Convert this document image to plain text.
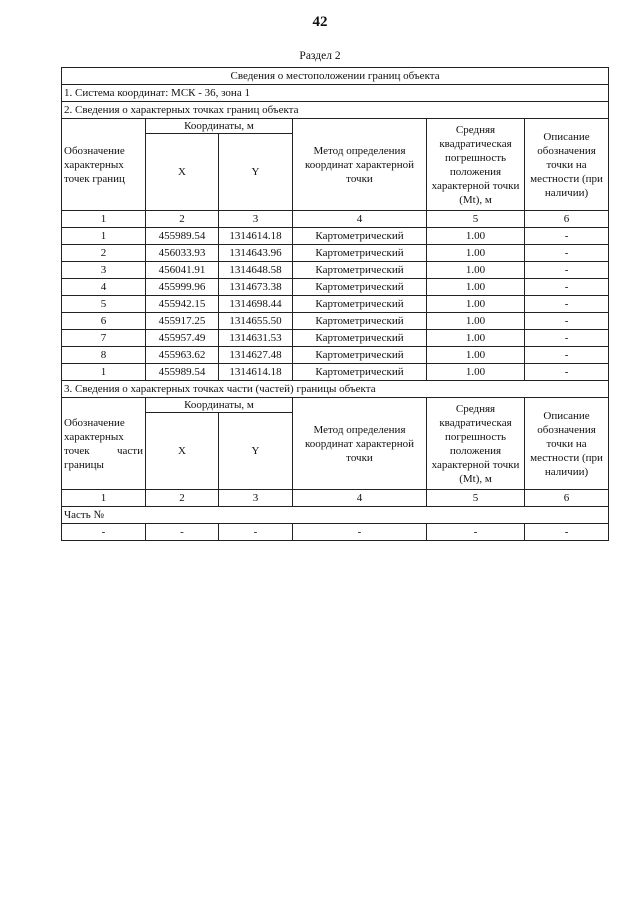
42
Раздел 2
Сведения о местоположении границ объекта					
1. Система координат: МСК - 36, зона 1					
2. Сведения о характерных точках границ объекта					
Обозначение характерных точек границ	Координаты, м		Метод определения координат характерной точки	Средняя квадратическая погрешность положения характерной точки (Mt), м	Описание обозначения точки на местности (при наличии)
	X	Y			
1	2	3	4	5	6
1	455989.54	1314614.18	Картометрический	1.00	-
2	456033.93	1314643.96	Картометрический	1.00	-
3	456041.91	1314648.58	Картометрический	1.00	-
4	455999.96	1314673.38	Картометрический	1.00	-
5	455942.15	1314698.44	Картометрический	1.00	-
6	455917.25	1314655.50	Картометрический	1.00	-
7	455957.49	1314631.53	Картометрический	1.00	-
8	455963.62	1314627.48	Картометрический	1.00	-
1	455989.54	1314614.18	Картометрический	1.00	-
3. Сведения о характерных точках части (частей) границы объекта					
Обозначение характерных точек части границы	Координаты, м		Метод определения координат характерной точки	Средняя квадратическая погрешность положения характерной точки (Mt), м	Описание обозначения точки на местности (при наличии)
	X	Y			
1	2	3	4	5	6
Часть №					
-	-	-	-	-	-
